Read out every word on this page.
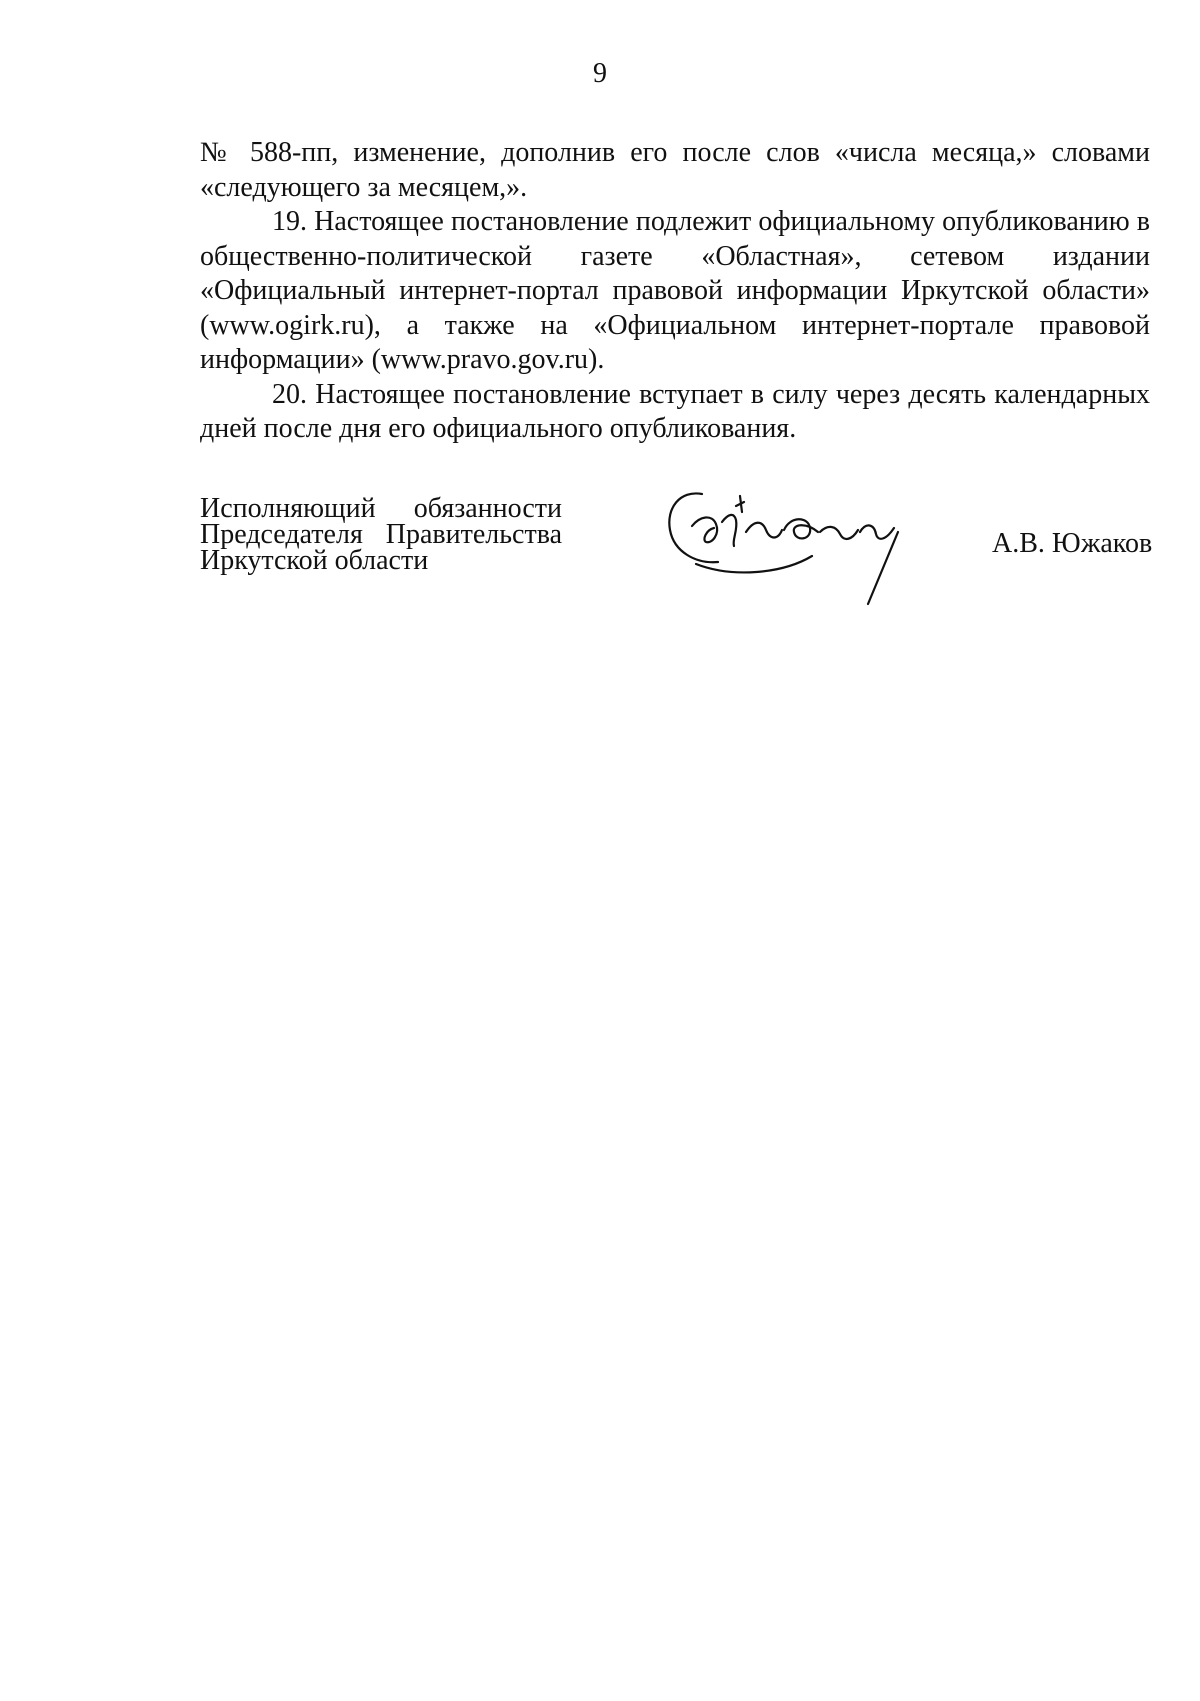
9

№ 588-пп, изменение, дополнив его после слов «числа месяца,» словами «следующего за месяцем,».

19. Настоящее постановление подлежит официальному опубликованию в общественно-политической газете «Областная», сетевом издании «Официальный интернет-портал правовой информации Иркутской области» (www.ogirk.ru), а также на «Официальном интернет-портале правовой информации» (www.pravo.gov.ru).

20. Настоящее постановление вступает в силу через десять календарных дней после дня его официального опубликования.

Исполняющий обязанности
Председателя Правительства
Иркутской области
А.В. Южаков
